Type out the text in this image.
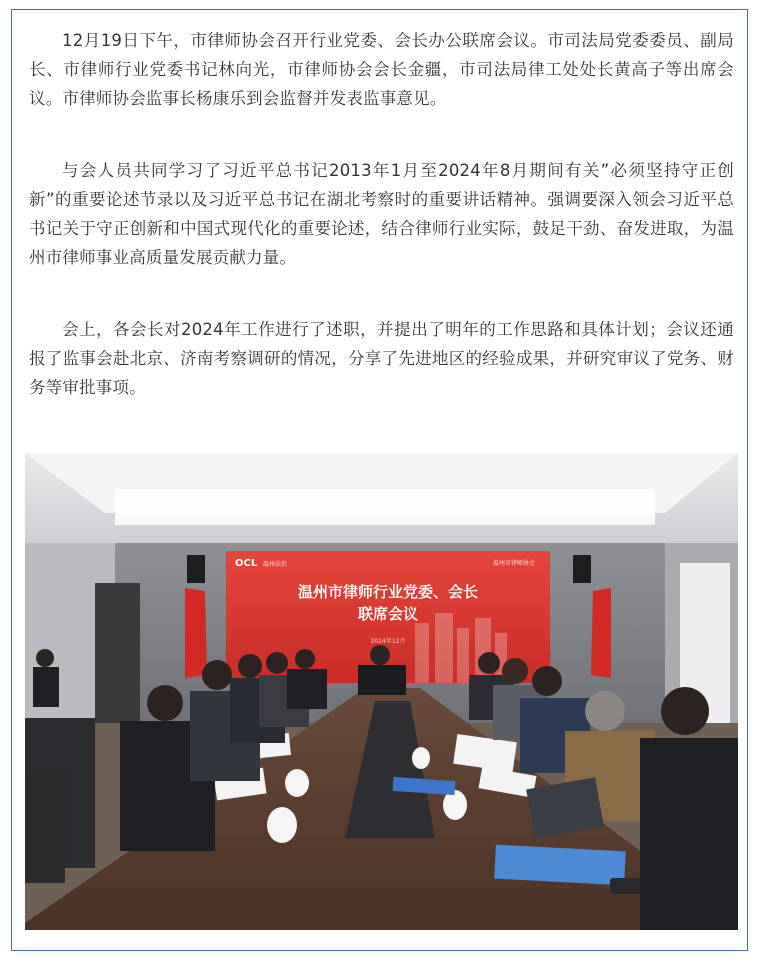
12月19日下午，市律师协会召开行业党委、会长办公联席会议。市司法局党委委员、副局长、市律师行业党委书记林向光，市律师协会会长金疆，市司法局律工处处长黄高子等出席会议。市律师协会监事长杨康乐到会监督并发表监事意见。

与会人员共同学习了习近平总书记2013年1月至2024年8月期间有关”必须坚持守正创新”的重要论述节录以及习近平总书记在湖北考察时的重要讲话精神。强调要深入领会习近平总书记关于守正创新和中国式现代化的重要论述，结合律师行业实际，鼓足干劲、奋发进取，为温州市律师事业高质量发展贡献力量。

会上，各会长对2024年工作进行了述职，并提出了明年的工作思路和具体计划；会议还通报了监事会赴北京、济南考察调研的情况，分享了先进地区的经验成果，并研究审议了党务、财务等审批事项。

OCL 温州法治	温州市律师协会
温州市律师行业党委、会长
联席会议
2024年12月
